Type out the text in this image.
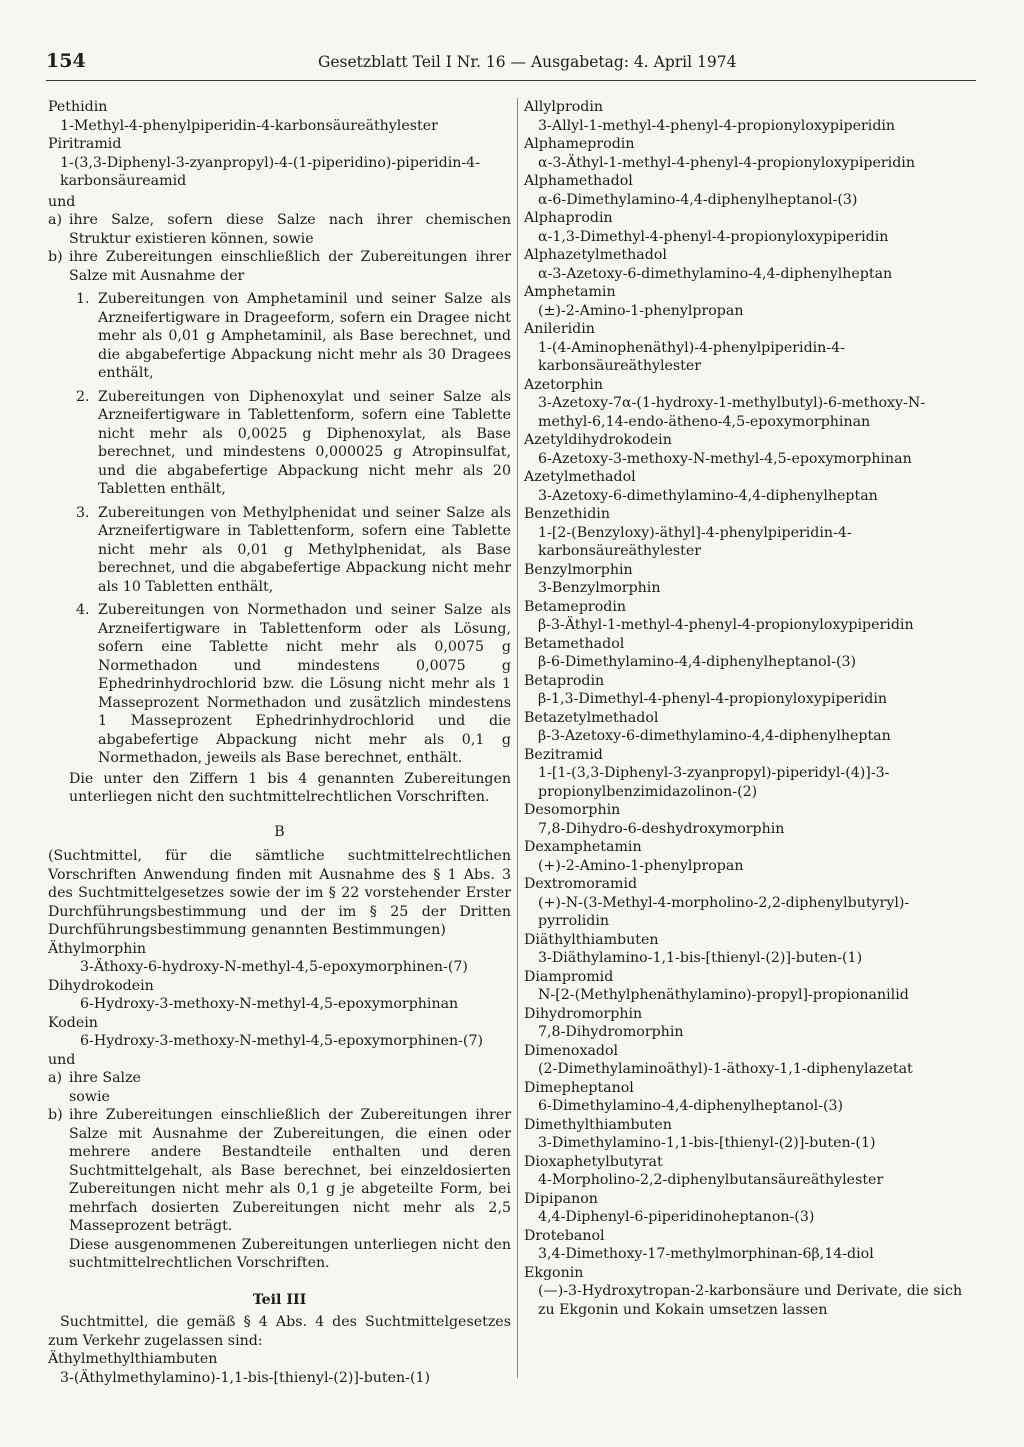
154	Gesetzblatt Teil I Nr. 16 — Ausgabetag: 4. April 1974
Pethidin
1-Methyl-4-phenylpiperidin-4-karbonsäureäthylester
Piritramid
1-(3,3-Diphenyl-3-zyanpropyl)-4-(1-piperidino)-piperidin-4-karbonsäureamid
und
a) ihre Salze, sofern diese Salze nach ihrer chemischen Struktur existieren können, sowie
b) ihre Zubereitungen einschließlich der Zubereitungen ihrer Salze mit Ausnahme der
1. Zubereitungen von Amphetaminil und seiner Salze als Arzneifertigware in Drageeform, sofern ein Dragee nicht mehr als 0,01 g Amphetaminil, als Base berechnet, und die abgabefertige Abpackung nicht mehr als 30 Dragees enthält,
2. Zubereitungen von Diphenoxylat und seiner Salze als Arzneifertigware in Tablettenform, sofern eine Tablette nicht mehr als 0,0025 g Diphenoxylat, als Base berechnet, und mindestens 0,000025 g Atropinsulfat, und die abgabefertige Abpackung nicht mehr als 20 Tabletten enthält,
3. Zubereitungen von Methylphenidat und seiner Salze als Arzneifertigware in Tablettenform, sofern eine Tablette nicht mehr als 0,01 g Methylphenidat, als Base berechnet, und die abgabefertige Abpackung nicht mehr als 10 Tabletten enthält,
4. Zubereitungen von Normethadon und seiner Salze als Arzneifertigware in Tablettenform oder als Lösung, sofern eine Tablette nicht mehr als 0,0075 g Normethadon und mindestens 0,0075 g Ephedrinhydrochlorid bzw. die Lösung nicht mehr als 1 Masseprozent Normethadon und zusätzlich mindestens 1 Masseprozent Ephedrinhydrochlorid und die abgabefertige Abpackung nicht mehr als 0,1 g Normethadon, jeweils als Base berechnet, enthält.
Die unter den Ziffern 1 bis 4 genannten Zubereitungen unterliegen nicht den suchtmittelrechtlichen Vorschriften.
B
(Suchtmittel, für die sämtliche suchtmittelrechtlichen Vorschriften Anwendung finden mit Ausnahme des § 1 Abs. 3 des Suchtmittelgesetzes sowie der im § 22 vorstehender Erster Durchführungsbestimmung und der im § 25 der Dritten Durchführungsbestimmung genannten Bestimmungen)
Äthylmorphin
3-Äthoxy-6-hydroxy-N-methyl-4,5-epoxymorphinen-(7)
Dihydrokodein
6-Hydroxy-3-methoxy-N-methyl-4,5-epoxymorphinan
Kodein
6-Hydroxy-3-methoxy-N-methyl-4,5-epoxymorphinen-(7)
und
a) ihre Salze
sowie
b) ihre Zubereitungen einschließlich der Zubereitungen ihrer Salze mit Ausnahme der Zubereitungen, die einen oder mehrere andere Bestandteile enthalten und deren Suchtmittelgehalt, als Base berechnet, bei einzeldosierten Zubereitungen nicht mehr als 0,1 g je abgeteilte Form, bei mehrfach dosierten Zubereitungen nicht mehr als 2,5 Masseprozent beträgt.
Diese ausgenommenen Zubereitungen unterliegen nicht den suchtmittelrechtlichen Vorschriften.
Teil III
Suchtmittel, die gemäß § 4 Abs. 4 des Suchtmittelgesetzes zum Verkehr zugelassen sind:
Äthylmethylthiambuten
3-(Äthylmethylamino)-1,1-bis-[thienyl-(2)]-buten-(1)
Allylprodin
3-Allyl-1-methyl-4-phenyl-4-propionyloxypiperidin
Alphameprodin
α-3-Äthyl-1-methyl-4-phenyl-4-propionyloxypiperidin
Alphamethadol
α-6-Dimethylamino-4,4-diphenylheptanol-(3)
Alphaprodin
α-1,3-Dimethyl-4-phenyl-4-propionyloxypiperidin
Alphazetylmethadol
α-3-Azetoxy-6-dimethylamino-4,4-diphenylheptan
Amphetamin
(±)-2-Amino-1-phenylpropan
Anileridin
1-(4-Aminophenäthyl)-4-phenylpiperidin-4-karbonsäureäthylester
Azetorphin
3-Azetoxy-7α-(1-hydroxy-1-methylbutyl)-6-methoxy-N-methyl-6,14-endo-ätheno-4,5-epoxymorphinan
Azetyldihydrokodein
6-Azetoxy-3-methoxy-N-methyl-4,5-epoxymorphinan
Azetylmethadol
3-Azetoxy-6-dimethylamino-4,4-diphenylheptan
Benzethidin
1-[2-(Benzyloxy)-äthyl]-4-phenylpiperidin-4-karbonsäureäthylester
Benzylmorphin
3-Benzylmorphin
Betameprodin
β-3-Äthyl-1-methyl-4-phenyl-4-propionyloxypiperidin
Betamethadol
β-6-Dimethylamino-4,4-diphenylheptanol-(3)
Betaprodin
β-1,3-Dimethyl-4-phenyl-4-propionyloxypiperidin
Betazetylmethadol
β-3-Azetoxy-6-dimethylamino-4,4-diphenylheptan
Bezitramid
1-[1-(3,3-Diphenyl-3-zyanpropyl)-piperidyl-(4)]-3-propionylbenzimidazolinon-(2)
Desomorphin
7,8-Dihydro-6-deshydroxymorphin
Dexamphetamin
(+)-2-Amino-1-phenylpropan
Dextromoramid
(+)-N-(3-Methyl-4-morpholino-2,2-diphenylbutyryl)-pyrrolidin
Diäthylthiambuten
3-Diäthylamino-1,1-bis-[thienyl-(2)]-buten-(1)
Diampromid
N-[2-(Methylphenäthylamino)-propyl]-propionanilid
Dihydromorphin
7,8-Dihydromorphin
Dimenoxadol
(2-Dimethylaminoäthyl)-1-äthoxy-1,1-diphenylazetat
Dimepheptanol
6-Dimethylamino-4,4-diphenylheptanol-(3)
Dimethylthiambuten
3-Dimethylamino-1,1-bis-[thienyl-(2)]-buten-(1)
Dioxaphetylbutyrat
4-Morpholino-2,2-diphenylbutansäureäthylester
Dipipanon
4,4-Diphenyl-6-piperidinoheptanon-(3)
Drotebanol
3,4-Dimethoxy-17-methylmorphinan-6β,14-diol
Ekgonin
(—)-3-Hydroxytropan-2-karbonsäure und Derivate, die sich zu Ekgonin und Kokain umsetzen lassen
